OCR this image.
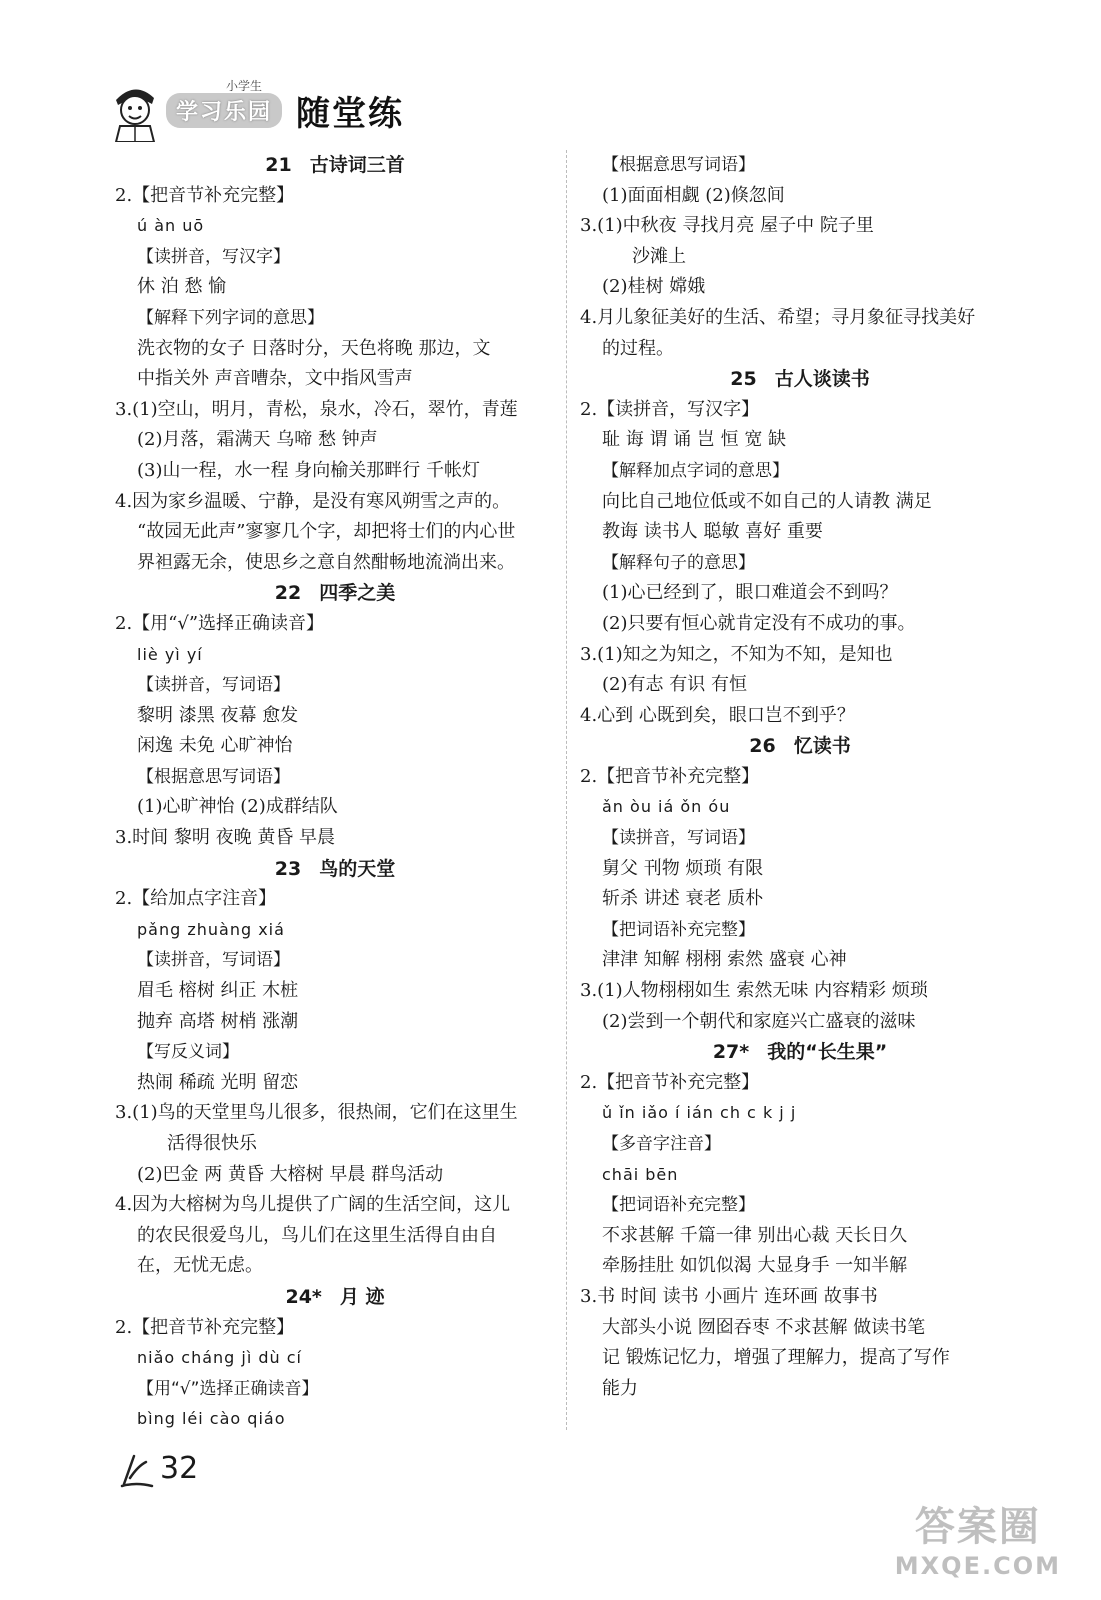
小学生
学习乐园 随堂练
21 古诗词三首
2.【把音节补充完整】
ú àn uō
【读拼音，写汉字】
休 泊 愁 愉
【解释下列字词的意思】
洗衣物的女子 日落时分，天色将晚 那边，文
中指关外 声音嘈杂，文中指风雪声
3.(1)空山，明月，青松，泉水，冷石，翠竹，青莲
(2)月落，霜满天 乌啼 愁 钟声
(3)山一程，水一程 身向榆关那畔行 千帐灯
4.因为家乡温暖、宁静，是没有寒风朔雪之声的。
“故园无此声”寥寥几个字，却把将士们的内心世
界袒露无余，使思乡之意自然酣畅地流淌出来。
22 四季之美
2.【用“√”选择正确读音】
liè yì yí
【读拼音，写词语】
黎明 漆黑 夜幕 愈发
闲逸 未免 心旷神怡
【根据意思写词语】
(1)心旷神怡 (2)成群结队
3.时间 黎明 夜晚 黄昏 早晨
23 鸟的天堂
2.【给加点字注音】
pǎng zhuàng xiá
【读拼音，写词语】
眉毛 榕树 纠正 木桩
抛弃 高塔 树梢 涨潮
【写反义词】
热闹 稀疏 光明 留恋
3.(1)鸟的天堂里鸟儿很多，很热闹，它们在这里生
活得很快乐
(2)巴金 两 黄昏 大榕树 早晨 群鸟活动
4.因为大榕树为鸟儿提供了广阔的生活空间，这儿
的农民很爱鸟儿，鸟儿们在这里生活得自由自
在，无忧无虑。
24* 月 迹
2.【把音节补充完整】
niǎo cháng jì dù cí
【用“√”选择正确读音】
bìng léi cào qiáo
【根据意思写词语】
(1)面面相觑 (2)倏忽间
3.(1)中秋夜 寻找月亮 屋子中 院子里
沙滩上
(2)桂树 嫦娥
4.月儿象征美好的生活、希望；寻月象征寻找美好
的过程。
25 古人谈读书
2.【读拼音，写汉字】
耻 诲 谓 诵 岂 恒 宽 缺
【解释加点字词的意思】
向比自己地位低或不如自己的人请教 满足
教诲 读书人 聪敏 喜好 重要
【解释句子的意思】
(1)心已经到了，眼口难道会不到吗？
(2)只要有恒心就肯定没有不成功的事。
3.(1)知之为知之，不知为不知，是知也
(2)有志 有识 有恒
4.心到 心既到矣，眼口岂不到乎？
26 忆读书
2.【把音节补充完整】
ǎn òu iá ǒn óu
【读拼音，写词语】
舅父 刊物 烦琐 有限
斩杀 讲述 衰老 质朴
【把词语补充完整】
津津 知解 栩栩 索然 盛衰 心神
3.(1)人物栩栩如生 索然无味 内容精彩 烦琐
(2)尝到一个朝代和家庭兴亡盛衰的滋味
27* 我的“长生果”
2.【把音节补充完整】
ǔ ǐn iǎo í ián ch c k j j
【多音字注音】
chāi bēn
【把词语补充完整】
不求甚解 千篇一律 别出心裁 天长日久
牵肠挂肚 如饥似渴 大显身手 一知半解
3.书 时间 读书 小画片 连环画 故事书
大部头小说 囫囵吞枣 不求甚解 做读书笔
记 锻炼记忆力，增强了理解力，提高了写作
能力
32
答案圈
MXQE.COM
